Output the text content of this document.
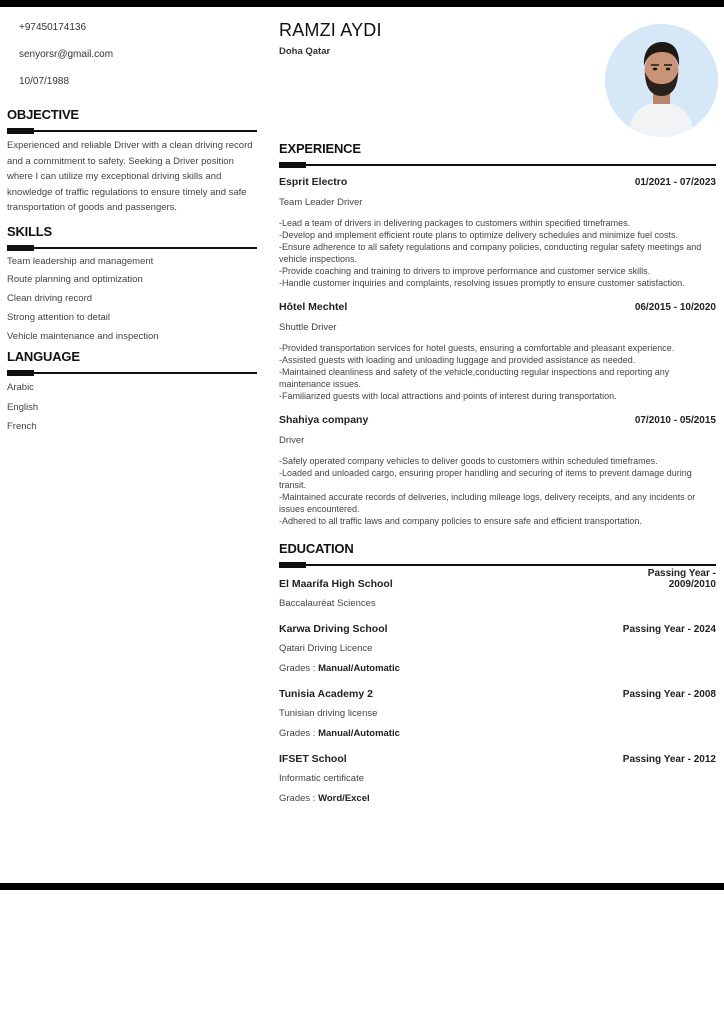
+97450174136
senyorsr@gmail.com
10/07/1988
OBJECTIVE
Experienced and reliable Driver with a clean driving record and a commitment to safety. Seeking a Driver position where I can utilize my exceptional driving skills and knowledge of traffic regulations to ensure timely and safe transportation of goods and passengers.
SKILLS
Team leadership and management
Route planning and optimization
Clean driving record
Strong attention to detail
Vehicle maintenance and inspection
LANGUAGE
Arabic
English
French
RAMZI AYDI
Doha Qatar
EXPERIENCE
Esprit Electro	01/2021 - 07/2023
Team Leader Driver
-Lead a team of drivers in delivering packages to customers within specified timeframes.
-Develop and implement efficient route plans to optimize delivery schedules and minimize fuel costs.
-Ensure adherence to all safety regulations and company policies, conducting regular safety meetings and vehicle inspections.
-Provide coaching and training to drivers to improve performance and customer service skills.
-Handle customer inquiries and complaints, resolving issues promptly to ensure customer satisfaction.
Hôtel Mechtel	06/2015 - 10/2020
Shuttle Driver
-Provided transportation services for hotel guests, ensuring a comfortable and pleasant experience.
-Assisted guests with loading and unloading luggage and provided assistance as needed.
-Maintained cleanliness and safety of the vehicle,conducting regular inspections and reporting any maintenance issues.
-Familiarized guests with local attractions and points of interest during transportation.
Shahiya company	07/2010 - 05/2015
Driver
-Safely operated company vehicles to deliver goods to customers within scheduled timeframes.
-Loaded and unloaded cargo, ensuring proper handling and securing of items to prevent damage during transit.
-Maintained accurate records of deliveries, including mileage logs, delivery receipts, and any incidents or issues encountered.
-Adhered to all traffic laws and company policies to ensure safe and efficient transportation.
EDUCATION
El Maarifa High School
Passing Year -
2009/2010
Baccalauréat Sciences
Karwa Driving School	Passing Year - 2024
Qatari Driving Licence
Grades : Manual/Automatic
Tunisia Academy 2	Passing Year - 2008
Tunisian driving license
Grades : Manual/Automatic
IFSET School	Passing Year - 2012
Informatic certificate
Grades : Word/Excel
